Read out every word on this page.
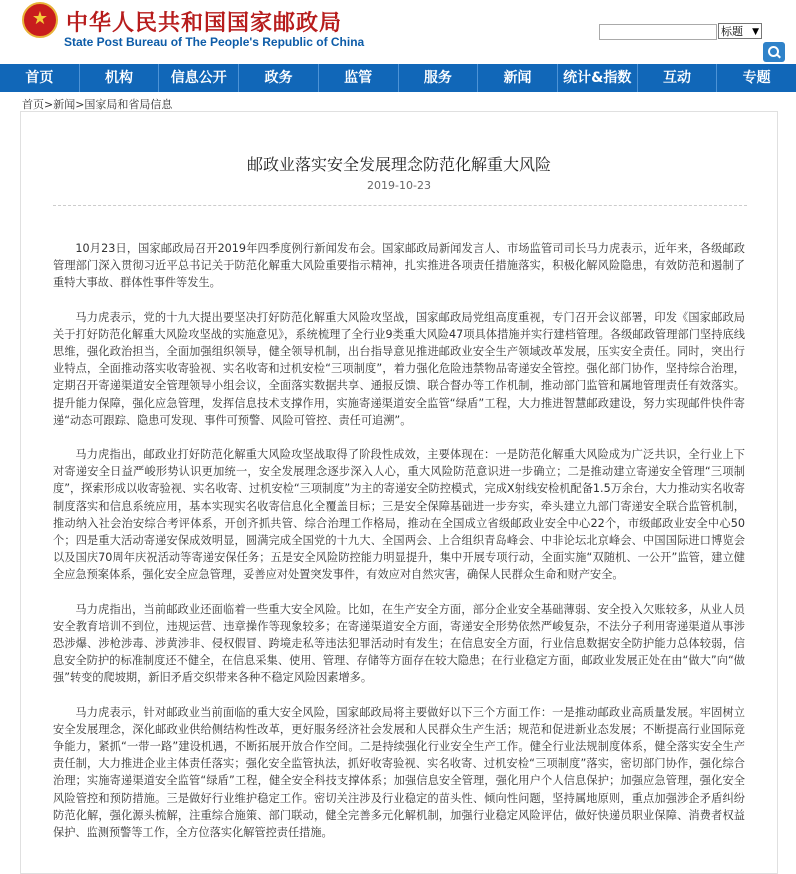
★
中华人民共和国国家邮政局
State Post Bureau of The People's Republic of China
标题 ▼
首页	机构	信息公开	政务	监管	服务	新闻	统计&指数	互动	专题
首页>新闻>国家局和省局信息
邮政业落实安全发展理念防范化解重大风险
2019-10-23

10月23日，国家邮政局召开2019年四季度例行新闻发布会。国家邮政局新闻发言人、市场监管司司长马力虎表示，近年来，各级邮政管理部门深入贯彻习近平总书记关于防范化解重大风险重要指示精神，扎实推进各项责任措施落实，积极化解风险隐患，有效防范和遏制了重特大事故、群体性事件等发生。

马力虎表示，党的十九大提出要坚决打好防范化解重大风险攻坚战，国家邮政局党组高度重视，专门召开会议部署，印发《国家邮政局关于打好防范化解重大风险攻坚战的实施意见》，系统梳理了全行业9类重大风险47项具体措施并实行建档管理。各级邮政管理部门坚持底线思维，强化政治担当，全面加强组织领导，健全领导机制，出台指导意见推进邮政业安全生产领域改革发展，压实安全责任。同时，突出行业特点，全面推动落实收寄验视、实名收寄和过机安检“三项制度”，着力强化危险违禁物品寄递安全管控。强化部门协作，坚持综合治理，定期召开寄递渠道安全管理领导小组会议，全面落实数据共享、通报反馈、联合督办等工作机制，推动部门监管和属地管理责任有效落实。提升能力保障，强化应急管理，发挥信息技术支撑作用，实施寄递渠道安全监管“绿盾”工程，大力推进智慧邮政建设，努力实现邮件快件寄递“动态可跟踪、隐患可发现、事件可预警、风险可管控、责任可追溯”。

马力虎指出，邮政业打好防范化解重大风险攻坚战取得了阶段性成效，主要体现在：一是防范化解重大风险成为广泛共识，全行业上下对寄递安全日益严峻形势认识更加统一，安全发展理念逐步深入人心，重大风险防范意识进一步确立；二是推动建立寄递安全管理“三项制度”，探索形成以收寄验视、实名收寄、过机安检“三项制度”为主的寄递安全防控模式，完成X射线安检机配备1.5万余台，大力推动实名收寄制度落实和信息系统应用，基本实现实名收寄信息化全覆盖目标；三是安全保障基础进一步夯实，牵头建立九部门寄递安全联合监管机制，推动纳入社会治安综合考评体系，开创齐抓共管、综合治理工作格局，推动在全国成立省级邮政业安全中心22个，市级邮政业安全中心50个；四是重大活动寄递安保成效明显，圆满完成全国党的十九大、全国两会、上合组织青岛峰会、中非论坛北京峰会、中国国际进口博览会以及国庆70周年庆祝活动等寄递安保任务；五是安全风险防控能力明显提升，集中开展专项行动，全面实施“双随机、一公开”监管，建立健全应急预案体系，强化安全应急管理，妥善应对处置突发事件，有效应对自然灾害，确保人民群众生命和财产安全。

马力虎指出，当前邮政业还面临着一些重大安全风险。比如，在生产安全方面，部分企业安全基础薄弱、安全投入欠账较多，从业人员安全教育培训不到位，违规运营、违章操作等现象较多；在寄递渠道安全方面，寄递安全形势依然严峻复杂，不法分子利用寄递渠道从事涉恐涉爆、涉枪涉毒、涉黄涉非、侵权假冒、跨境走私等违法犯罪活动时有发生；在信息安全方面，行业信息数据安全防护能力总体较弱，信息安全防护的标准制度还不健全，在信息采集、使用、管理、存储等方面存在较大隐患；在行业稳定方面，邮政业发展正处在由“做大”向“做强”转变的爬坡期，新旧矛盾交织带来各种不稳定风险因素增多。

马力虎表示，针对邮政业当前面临的重大安全风险，国家邮政局将主要做好以下三个方面工作：一是推动邮政业高质量发展。牢固树立安全发展理念，深化邮政业供给侧结构性改革，更好服务经济社会发展和人民群众生产生活；规范和促进新业态发展；不断提高行业国际竞争能力，紧抓“一带一路”建设机遇，不断拓展开放合作空间。二是持续强化行业安全生产工作。健全行业法规制度体系，健全落实安全生产责任制，大力推进企业主体责任落实；强化安全监管执法，抓好收寄验视、实名收寄、过机安检“三项制度”落实，密切部门协作，强化综合治理；实施寄递渠道安全监管“绿盾”工程，健全安全科技支撑体系；加强信息安全管理，强化用户个人信息保护；加强应急管理，强化安全风险管控和预防措施。三是做好行业维护稳定工作。密切关注涉及行业稳定的苗头性、倾向性问题，坚持属地原则，重点加强涉企矛盾纠纷防范化解，强化源头梳解，注重综合施策、部门联动，健全完善多元化解机制，加强行业稳定风险评估，做好快递员职业保障、消费者权益保护、监测预警等工作，全方位落实化解管控责任措施。
